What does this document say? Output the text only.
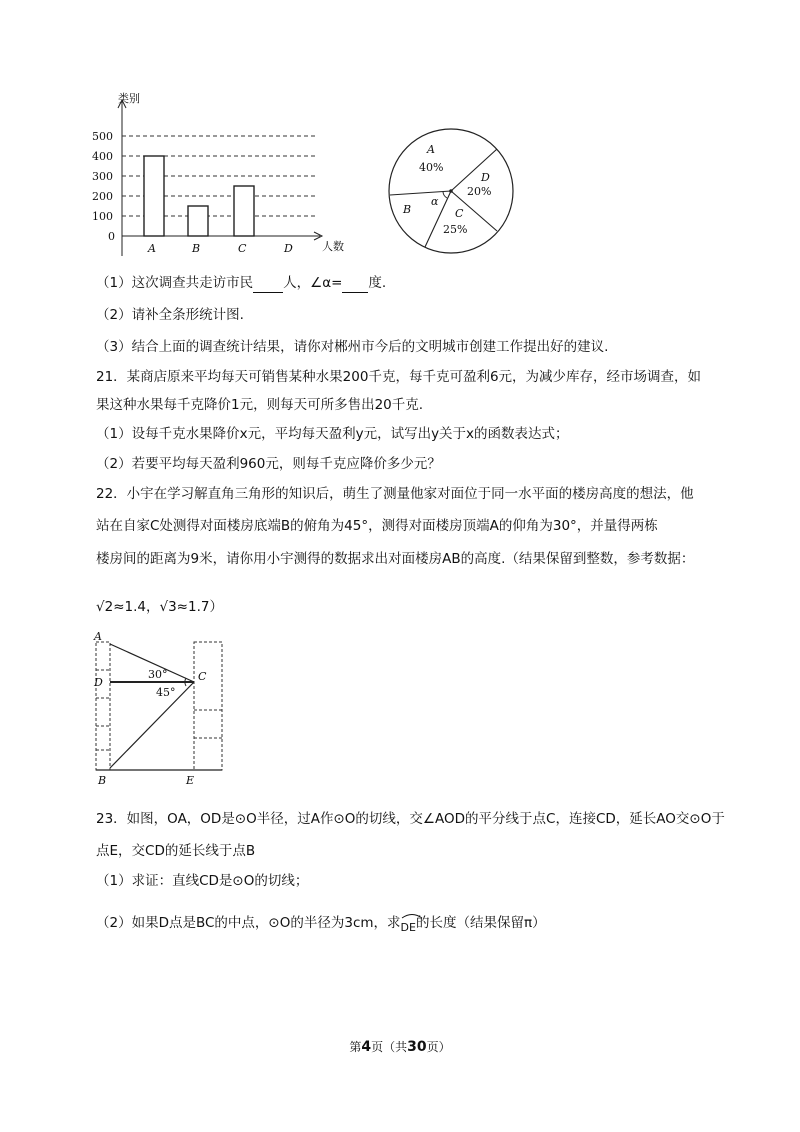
类别
500
400
300
200
100
0
A	B	C	D	人数
A
40%
D
20%
C
25%
B
α
（1）这次调查共走访市民 人，∠α= 度.
（2）请补全条形统计图.
（3）结合上面的调查统计结果，请你对郴州市今后的文明城市创建工作提出好的建议.
21．某商店原来平均每天可销售某种水果200千克，每千克可盈利6元，为减少库存，经市场调查，如
果这种水果每千克降价1元，则每天可所多售出20千克.
（1）设每千克水果降价x元，平均每天盈利y元，试写出y关于x的函数表达式；
（2）若要平均每天盈利960元，则每千克应降价多少元？
22．小宇在学习解直角三角形的知识后，萌生了测量他家对面位于同一水平面的楼房高度的想法，他
站在自家C处测得对面楼房底端B的俯角为45°，测得对面楼房顶端A的仰角为30°，并量得两栋
楼房间的距离为9米，请你用小宇测得的数据求出对面楼房AB的高度.（结果保留到整数，参考数据：
√2≈1.4，√3≈1.7）
A
D	C
B	E
30°
45°
23．如图，OA，OD是⊙O半径，过A作⊙O的切线，交∠AOD的平分线于点C，连接CD，延长AO交⊙O于
点E，交CD的延长线于点B
（1）求证：直线CD是⊙O的切线；
（2）如果D点是BC的中点，⊙O的半径为3cm，求
DE的长度（结果保留π）
第4页（共30页）
